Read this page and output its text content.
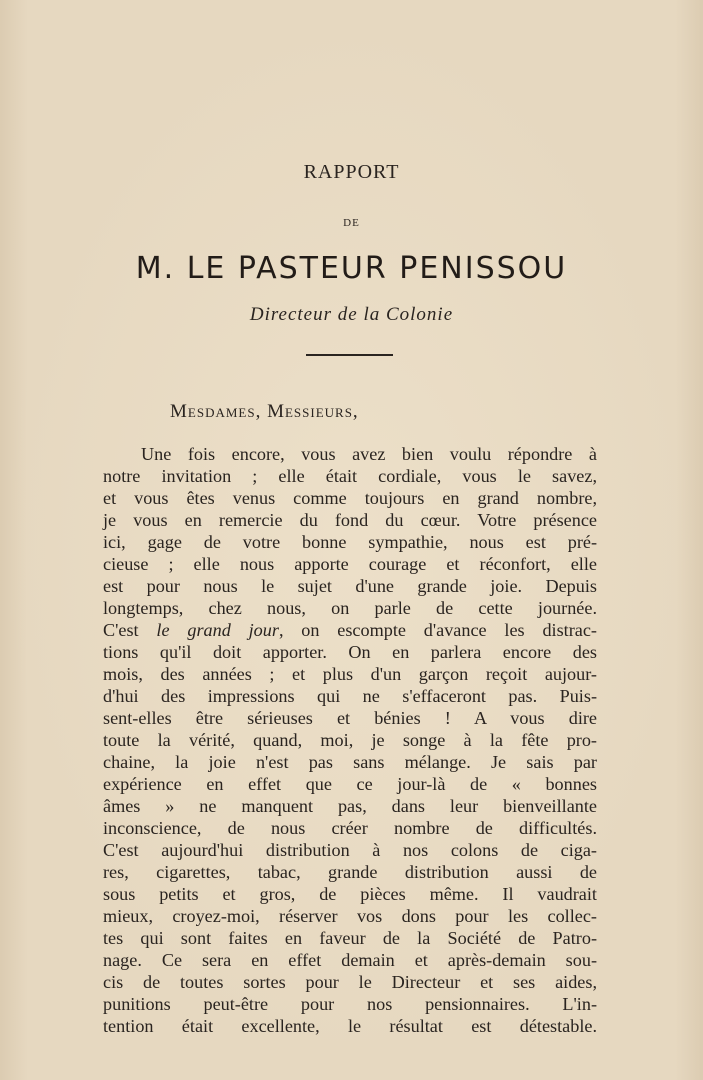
RAPPORT
DE
M. LE PASTEUR PENISSOU
Directeur de la Colonie
Mesdames, Messieurs,
Une fois encore, vous avez bien voulu répondre à
notre invitation ; elle était cordiale, vous le savez,
et vous êtes venus comme toujours en grand nombre,
je vous en remercie du fond du cœur. Votre présence
ici, gage de votre bonne sympathie, nous est pré-
cieuse ; elle nous apporte courage et réconfort, elle
est pour nous le sujet d'une grande joie. Depuis
longtemps, chez nous, on parle de cette journée.
C'est le grand jour, on escompte d'avance les distrac-
tions qu'il doit apporter. On en parlera encore des
mois, des années ; et plus d'un garçon reçoit aujour-
d'hui des impressions qui ne s'effaceront pas. Puis-
sent-elles être sérieuses et bénies ! A vous dire
toute la vérité, quand, moi, je songe à la fête pro-
chaine, la joie n'est pas sans mélange. Je sais par
expérience en effet que ce jour-là de « bonnes
âmes » ne manquent pas, dans leur bienveillante
inconscience, de nous créer nombre de difficultés.
C'est aujourd'hui distribution à nos colons de ciga-
res, cigarettes, tabac, grande distribution aussi de
sous petits et gros, de pièces même. Il vaudrait
mieux, croyez-moi, réserver vos dons pour les collec-
tes qui sont faites en faveur de la Société de Patro-
nage. Ce sera en effet demain et après-demain sou-
cis de toutes sortes pour le Directeur et ses aides,
punitions peut-être pour nos pensionnaires. L'in-
tention était excellente, le résultat est détestable.
